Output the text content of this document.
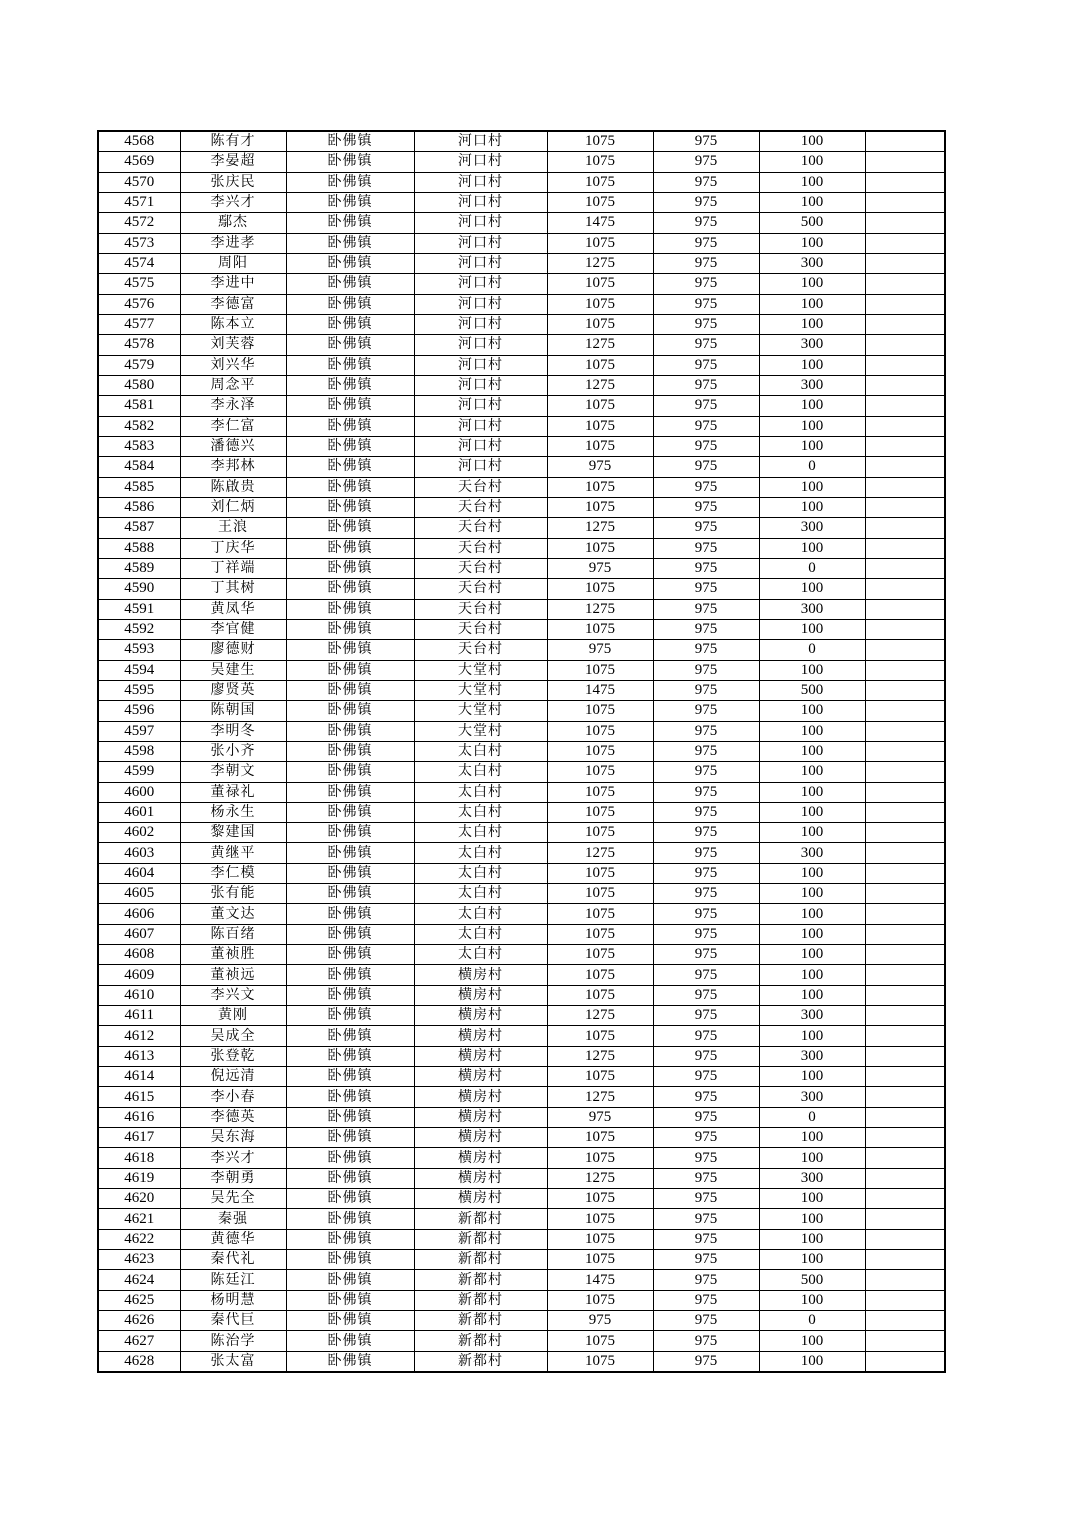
4568	陈有才	卧佛镇	河口村	1075	975	100	
4569	李晏超	卧佛镇	河口村	1075	975	100	
4570	张庆民	卧佛镇	河口村	1075	975	100	
4571	李兴才	卧佛镇	河口村	1075	975	100	
4572	鄢杰	卧佛镇	河口村	1475	975	500	
4573	李进孝	卧佛镇	河口村	1075	975	100	
4574	周阳	卧佛镇	河口村	1275	975	300	
4575	李进中	卧佛镇	河口村	1075	975	100	
4576	李德富	卧佛镇	河口村	1075	975	100	
4577	陈本立	卧佛镇	河口村	1075	975	100	
4578	刘芙蓉	卧佛镇	河口村	1275	975	300	
4579	刘兴华	卧佛镇	河口村	1075	975	100	
4580	周念平	卧佛镇	河口村	1275	975	300	
4581	李永泽	卧佛镇	河口村	1075	975	100	
4582	李仁富	卧佛镇	河口村	1075	975	100	
4583	潘德兴	卧佛镇	河口村	1075	975	100	
4584	李邦林	卧佛镇	河口村	975	975	0	
4585	陈啟贵	卧佛镇	天台村	1075	975	100	
4586	刘仁炳	卧佛镇	天台村	1075	975	100	
4587	王浪	卧佛镇	天台村	1275	975	300	
4588	丁庆华	卧佛镇	天台村	1075	975	100	
4589	丁祥端	卧佛镇	天台村	975	975	0	
4590	丁其树	卧佛镇	天台村	1075	975	100	
4591	黄凤华	卧佛镇	天台村	1275	975	300	
4592	李官健	卧佛镇	天台村	1075	975	100	
4593	廖德财	卧佛镇	天台村	975	975	0	
4594	吴建生	卧佛镇	大堂村	1075	975	100	
4595	廖贤英	卧佛镇	大堂村	1475	975	500	
4596	陈朝国	卧佛镇	大堂村	1075	975	100	
4597	李明冬	卧佛镇	大堂村	1075	975	100	
4598	张小齐	卧佛镇	太白村	1075	975	100	
4599	李朝文	卧佛镇	太白村	1075	975	100	
4600	董禄礼	卧佛镇	太白村	1075	975	100	
4601	杨永生	卧佛镇	太白村	1075	975	100	
4602	黎建国	卧佛镇	太白村	1075	975	100	
4603	黄继平	卧佛镇	太白村	1275	975	300	
4604	李仁模	卧佛镇	太白村	1075	975	100	
4605	张有能	卧佛镇	太白村	1075	975	100	
4606	董文达	卧佛镇	太白村	1075	975	100	
4607	陈百绪	卧佛镇	太白村	1075	975	100	
4608	董祯胜	卧佛镇	太白村	1075	975	100	
4609	董祯远	卧佛镇	横房村	1075	975	100	
4610	李兴文	卧佛镇	横房村	1075	975	100	
4611	黄刚	卧佛镇	横房村	1275	975	300	
4612	吴成全	卧佛镇	横房村	1075	975	100	
4613	张登乾	卧佛镇	横房村	1275	975	300	
4614	倪远清	卧佛镇	横房村	1075	975	100	
4615	李小春	卧佛镇	横房村	1275	975	300	
4616	李德英	卧佛镇	横房村	975	975	0	
4617	吴东海	卧佛镇	横房村	1075	975	100	
4618	李兴才	卧佛镇	横房村	1075	975	100	
4619	李朝勇	卧佛镇	横房村	1275	975	300	
4620	吴先全	卧佛镇	横房村	1075	975	100	
4621	秦强	卧佛镇	新都村	1075	975	100	
4622	黄德华	卧佛镇	新都村	1075	975	100	
4623	秦代礼	卧佛镇	新都村	1075	975	100	
4624	陈廷江	卧佛镇	新都村	1475	975	500	
4625	杨明慧	卧佛镇	新都村	1075	975	100	
4626	秦代巨	卧佛镇	新都村	975	975	0	
4627	陈治学	卧佛镇	新都村	1075	975	100	
4628	张太富	卧佛镇	新都村	1075	975	100	
